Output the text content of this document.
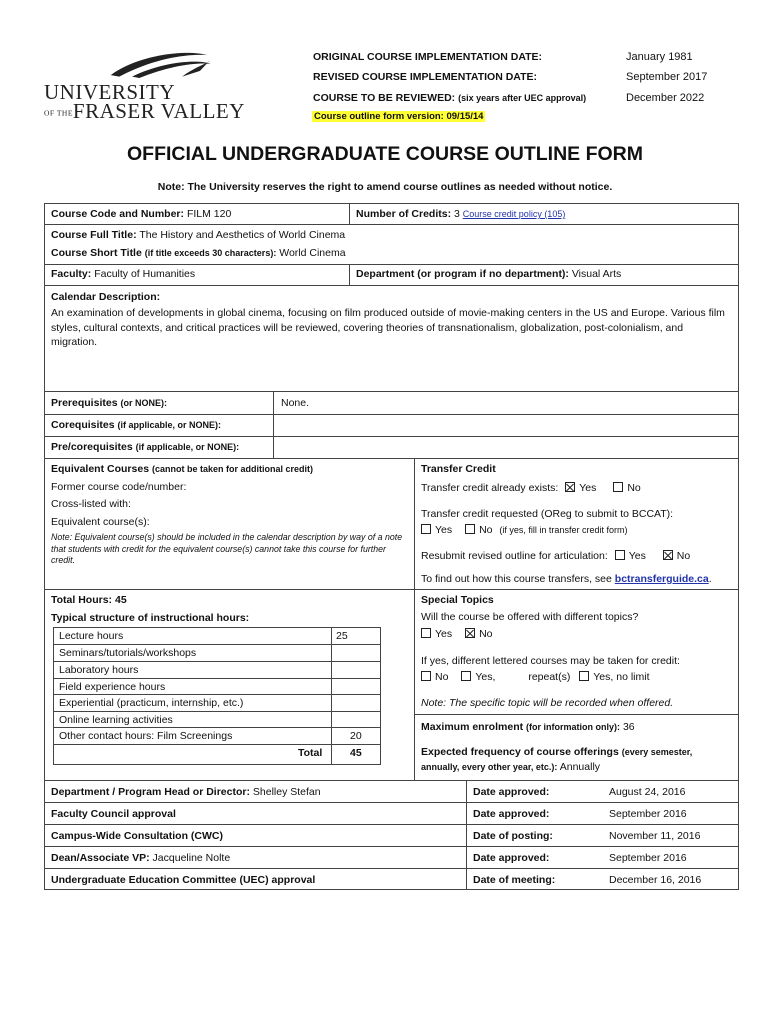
UNIVERSITY
OF THEFRASER VALLEY
ORIGINAL COURSE IMPLEMENTATION DATE:	January 1981
REVISED COURSE IMPLEMENTATION DATE:	September 2017
COURSE TO BE REVIEWED: (six years after UEC approval)	December 2022
Course outline form version: 09/15/14
OFFICIAL UNDERGRADUATE COURSE OUTLINE FORM
Note: The University reserves the right to amend course outlines as needed without notice.
Course Code and Number: FILM 120	Number of Credits: 3 Course credit policy (105)
Course Full Title: The History and Aesthetics of World Cinema
Course Short Title (if title exceeds 30 characters): World Cinema
Faculty: Faculty of Humanities	Department (or program if no department): Visual Arts
Calendar Description:
An examination of developments in global cinema, focusing on film produced outside of movie-making centers in the US and Europe. Various film styles, cultural contexts, and critical practices will be reviewed, covering theories of transnationalism, globalization, post-colonialism, and migration.
Prerequisites (or NONE):	None.
Corequisites (if applicable, or NONE):
Pre/corequisites (if applicable, or NONE):
Equivalent Courses (cannot be taken for additional credit)
Former course code/number:
Cross-listed with:
Equivalent course(s):
Note: Equivalent course(s) should be included in the calendar description by way of a note that students with credit for the equivalent course(s) cannot take this course for further credit.
Transfer Credit
Transfer credit already exists: Yes	No
Transfer credit requested (OReg to submit to BCCAT):
Yes	No (if yes, fill in transfer credit form)
Resubmit revised outline for articulation: Yes	No
To find out how this course transfers, see bctransferguide.ca.
Total Hours: 45
Typical structure of instructional hours:
Lecture hours	25
Seminars/tutorials/workshops
Laboratory hours
Field experience hours
Experiential (practicum, internship, etc.)
Online learning activities
Other contact hours: Film Screenings	20
Total	45
Special Topics
Will the course be offered with different topics?
Yes	No
If yes, different lettered courses may be taken for credit:
No	Yes,	repeat(s) Yes, no limit
Note: The specific topic will be recorded when offered.
Maximum enrolment (for information only): 36
Expected frequency of course offerings (every semester,
annually, every other year, etc.): Annually
Department / Program Head or Director: Shelley Stefan	Date approved:	August 24, 2016
Faculty Council approval	Date approved:	September 2016
Campus-Wide Consultation (CWC)	Date of posting:	November 11, 2016
Dean/Associate VP: Jacqueline Nolte	Date approved:	September 2016
Undergraduate Education Committee (UEC) approval	Date of meeting:	December 16, 2016
